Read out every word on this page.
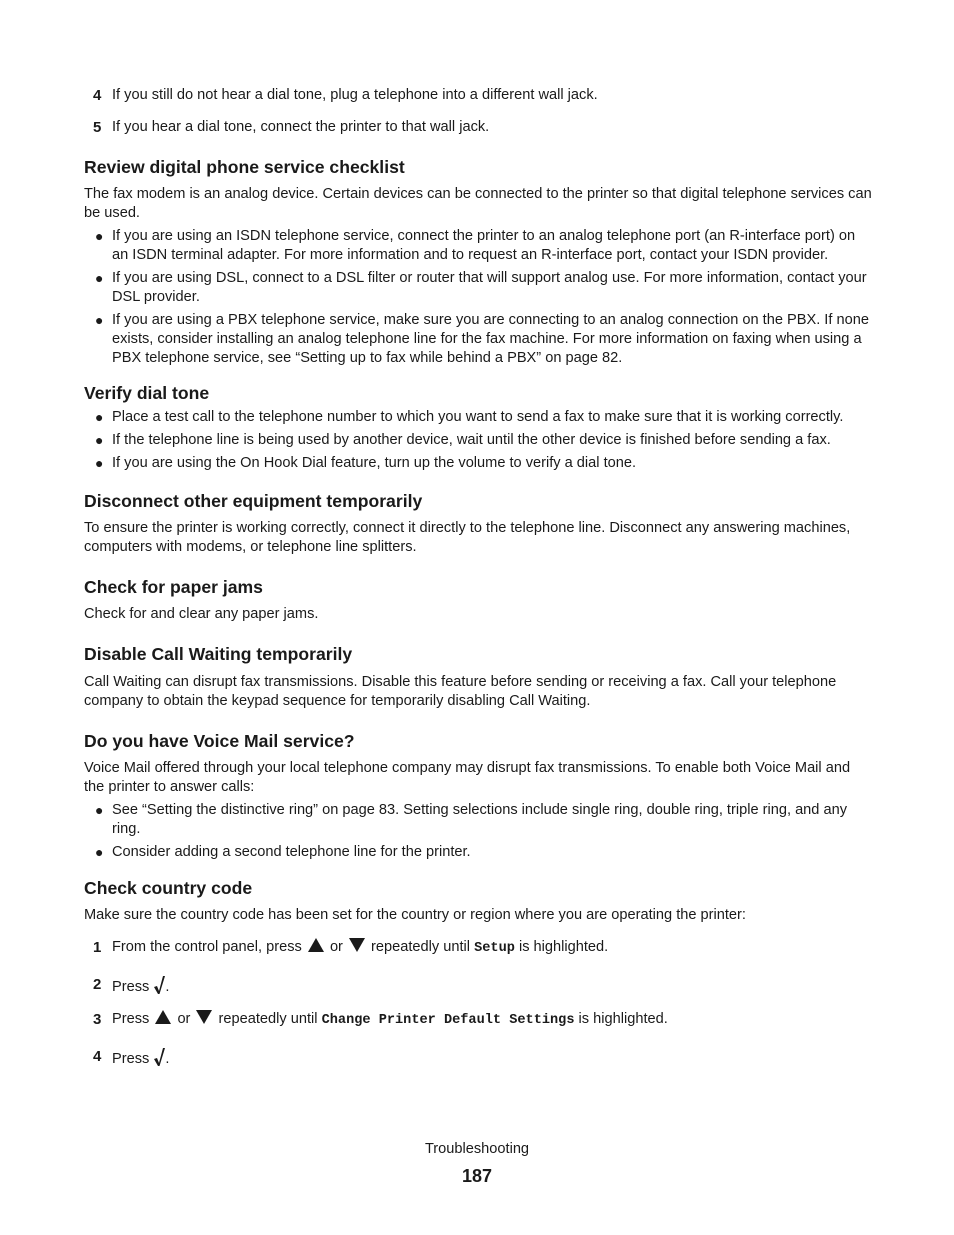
4 If you still do not hear a dial tone, plug a telephone into a different wall jack.

5 If you hear a dial tone, connect the printer to that wall jack.

Review digital phone service checklist

The fax modem is an analog device. Certain devices can be connected to the printer so that digital telephone services can be used.

● If you are using an ISDN telephone service, connect the printer to an analog telephone port (an R-interface port) on an ISDN terminal adapter. For more information and to request an R-interface port, contact your ISDN provider.
● If you are using DSL, connect to a DSL filter or router that will support analog use. For more information, contact your DSL provider.
● If you are using a PBX telephone service, make sure you are connecting to an analog connection on the PBX. If none exists, consider installing an analog telephone line for the fax machine. For more information on faxing when using a PBX telephone service, see “Setting up to fax while behind a PBX” on page 82.
Verify dial tone
● Place a test call to the telephone number to which you want to send a fax to make sure that it is working correctly.
● If the telephone line is being used by another device, wait until the other device is finished before sending a fax.
● If you are using the On Hook Dial feature, turn up the volume to verify a dial tone.
Disconnect other equipment temporarily

To ensure the printer is working correctly, connect it directly to the telephone line. Disconnect any answering machines, computers with modems, or telephone line splitters.

Check for paper jams

Check for and clear any paper jams.

Disable Call Waiting temporarily

Call Waiting can disrupt fax transmissions. Disable this feature before sending or receiving a fax. Call your telephone company to obtain the keypad sequence for temporarily disabling Call Waiting.

Do you have Voice Mail service?

Voice Mail offered through your local telephone company may disrupt fax transmissions. To enable both Voice Mail and the printer to answer calls:

● See “Setting the distinctive ring” on page 83. Setting selections include single ring, double ring, triple ring, and any ring.
● Consider adding a second telephone line for the printer.
Check country code

Make sure the country code has been set for the country or region where you are operating the printer:

1 From the control panel, press or repeatedly until Setup is highlighted.

2 Press .

3 Press or repeatedly until Change Printer Default Settings is highlighted.

4 Press .

Troubleshooting
187
